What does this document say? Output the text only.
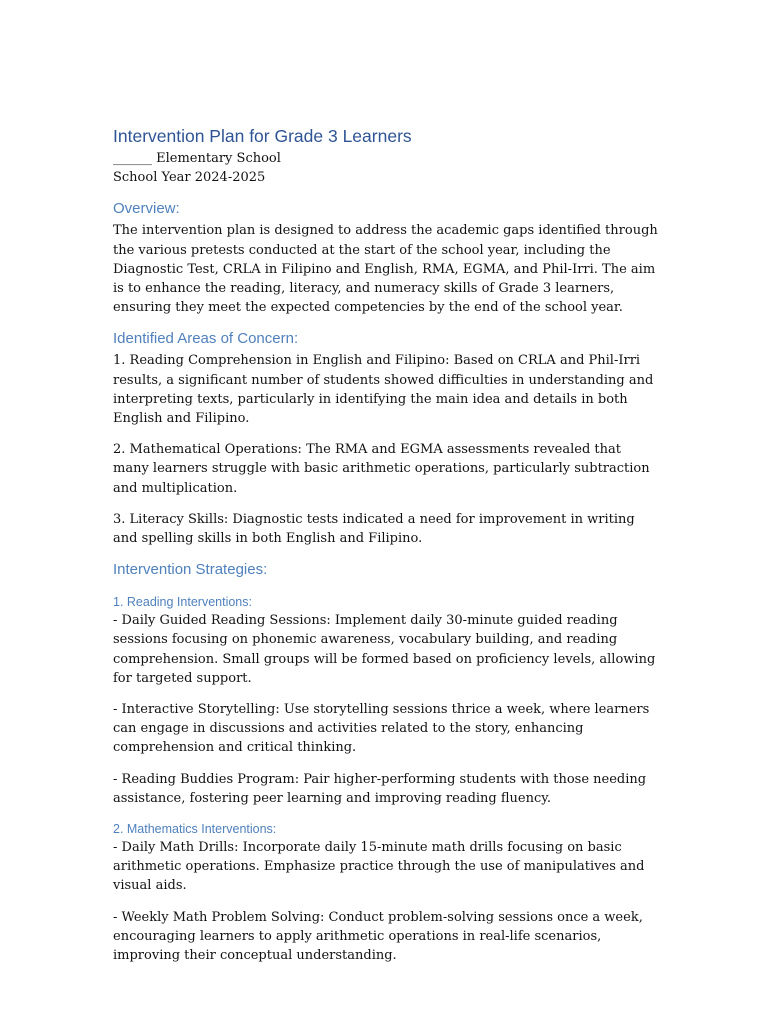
Intervention Plan for Grade 3 Learners

______ Elementary School

School Year 2024-2025

Overview:

The intervention plan is designed to address the academic gaps identified through the various pretests conducted at the start of the school year, including the Diagnostic Test, CRLA in Filipino and English, RMA, EGMA, and Phil-Irri. The aim is to enhance the reading, literacy, and numeracy skills of Grade 3 learners, ensuring they meet the expected competencies by the end of the school year.

Identified Areas of Concern:

1. Reading Comprehension in English and Filipino: Based on CRLA and Phil-Irri results, a significant number of students showed difficulties in understanding and interpreting texts, particularly in identifying the main idea and details in both English and Filipino.

2. Mathematical Operations: The RMA and EGMA assessments revealed that many learners struggle with basic arithmetic operations, particularly subtraction and multiplication.

3. Literacy Skills: Diagnostic tests indicated a need for improvement in writing and spelling skills in both English and Filipino.

Intervention Strategies:
1. Reading Interventions:

- Daily Guided Reading Sessions: Implement daily 30-minute guided reading sessions focusing on phonemic awareness, vocabulary building, and reading comprehension. Small groups will be formed based on proficiency levels, allowing for targeted support.

- Interactive Storytelling: Use storytelling sessions thrice a week, where learners can engage in discussions and activities related to the story, enhancing comprehension and critical thinking.

- Reading Buddies Program: Pair higher-performing students with those needing assistance, fostering peer learning and improving reading fluency.

2. Mathematics Interventions:

- Daily Math Drills: Incorporate daily 15-minute math drills focusing on basic arithmetic operations. Emphasize practice through the use of manipulatives and visual aids.

- Weekly Math Problem Solving: Conduct problem-solving sessions once a week, encouraging learners to apply arithmetic operations in real-life scenarios, improving their conceptual understanding.
